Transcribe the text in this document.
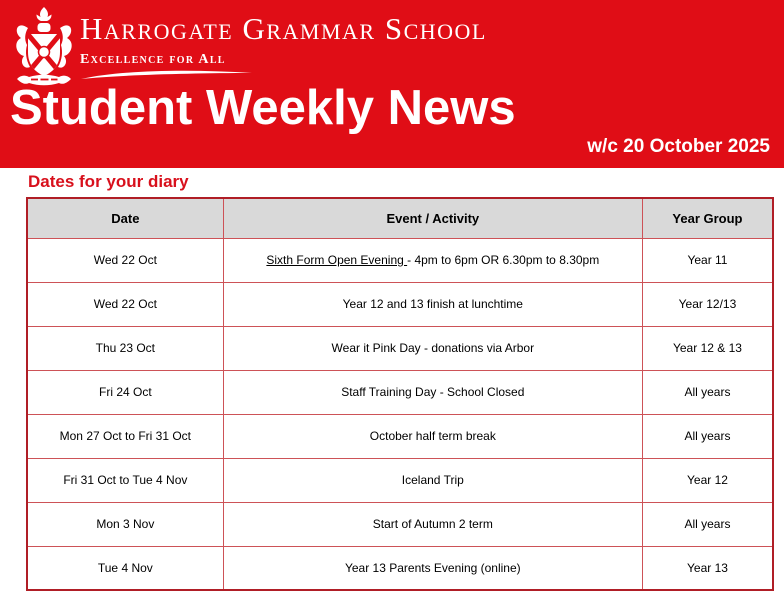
Harrogate Grammar School
Excellence for All
Student Weekly News
w/c 20 October 2025
Dates for your diary
Date	Event / Activity	Year Group
Wed 22 Oct	Sixth Form Open Evening - 4pm to 6pm OR 6.30pm to 8.30pm	Year 11
Wed 22 Oct	Year 12 and 13 finish at lunchtime	Year 12/13
Thu 23 Oct	Wear it Pink Day - donations via Arbor	Year 12 & 13
Fri 24 Oct	Staff Training Day - School Closed	All years
Mon 27 Oct to Fri 31 Oct	October half term break	All years
Fri 31 Oct to Tue 4 Nov	Iceland Trip	Year 12
Mon 3 Nov	Start of Autumn 2 term	All years
Tue 4 Nov	Year 13 Parents Evening (online)	Year 13
